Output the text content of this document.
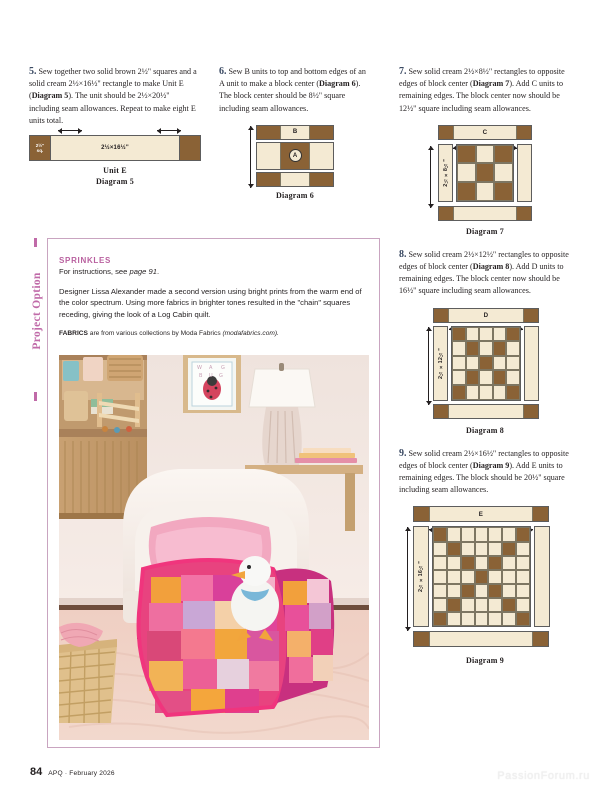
5. Sew together two solid brown 2½" squares and a solid cream 2½×16½" rectangle to make Unit E (Diagram 5). The unit should be 2½×20½" including seam allowances. Repeat to make eight E units total.
2½"
sq.	2½×16½"
Unit E
Diagram 5
6. Sew B units to top and bottom edges of an A unit to make a block center (Diagram 6). The block center should be 8½" square including seam allowances.
B
A
Diagram 6
7. Sew solid cream 2½×8½" rectangles to opposite edges of block center (Diagram 7). Add C units to remaining edges. The block center now should be 12½" square including seam allowances.
C
2½×8½"
Diagram 7
8. Sew solid cream 2½×12½" rectangles to opposite edges of block center (Diagram 8). Add D units to remaining edges. The block center now should be 16½" square including seam allowances.
D
2½×12½"
Diagram 8
9. Sew solid cream 2½×16½" rectangles to opposite edges of block center (Diagram 9). Add E units to remaining edges. The block should be 20½" square including seam allowances.
E
2½×16½"
Diagram 9
Project Option
SPRINKLES
For instructions, see page 91.
Designer Lissa Alexander made a second version using bright prints from the warm end of the color spectrum. Using more fabrics in brighter tones resulted in the "chain" squares receding, giving the look of a Log Cabin quilt.
FABRICS are from various collections by Moda Fabrics (modafabrics.com).
W A G
B U G
84 APQ · February 2026	PassionForum.ru
